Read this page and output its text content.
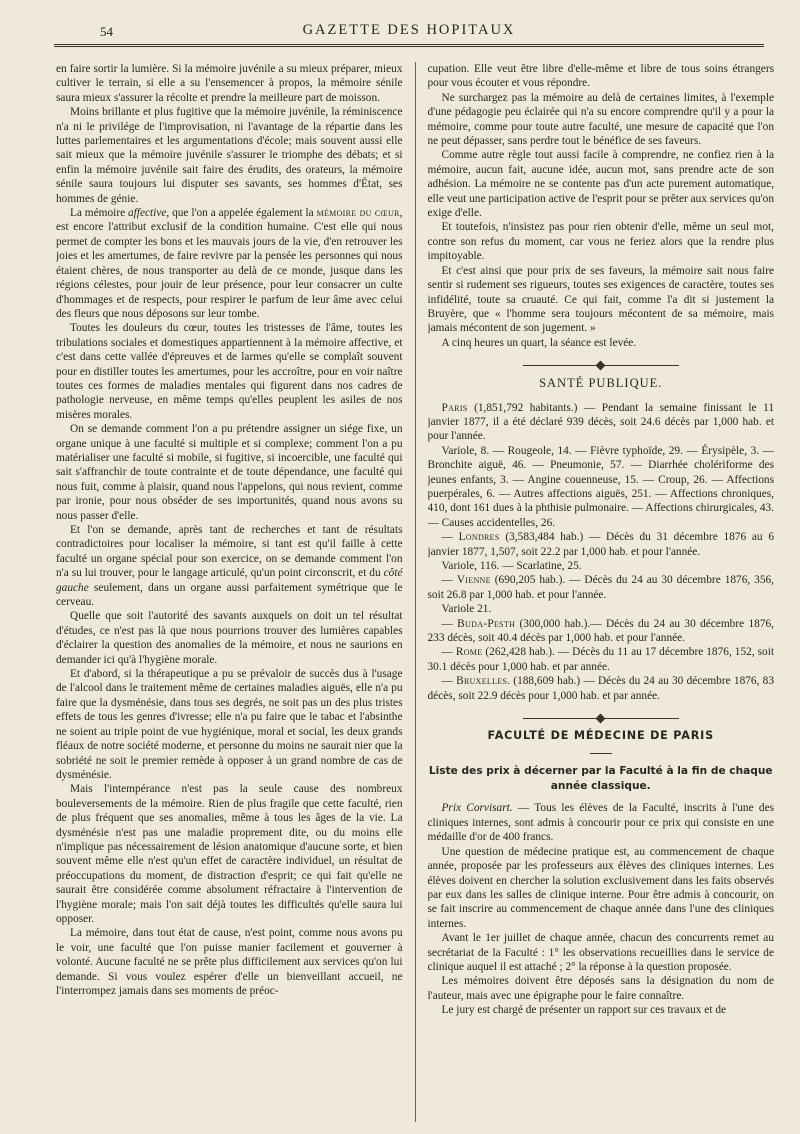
54	GAZETTE DES HOPITAUX

en faire sortir la lumière. Si la mémoire juvénile a su mieux préparer, mieux cultiver le terrain, si elle a su l'ensemencer à propos, la mémoire sénile saura mieux s'assurer la récolte et prendre la meilleure part de moisson.

Moins brillante et plus fugitive que la mémoire juvénile, la réminiscence n'a ni le privilége de l'improvisation, ni l'avantage de la répartie dans les luttes parlementaires et les argumentations d'école; mais souvent aussi elle sait mieux que la mémoire juvénile s'assurer le triomphe des débats; et si enfin la mémoire juvénile sait faire des érudits, des orateurs, la mémoire sénile saura toujours lui disputer ses savants, ses hommes d'État, ses hommes de génie.

La mémoire affective, que l'on a appelée également la mémoire du cœur, est encore l'attribut exclusif de la condition humaine. C'est elle qui nous permet de compter les bons et les mauvais jours de la vie, d'en retrouver les joies et les amertumes, de faire revivre par la pensée les personnes qui nous étaient chères, de nous transporter au delà de ce monde, jusque dans les régions célestes, pour jouir de leur présence, pour leur consacrer un culte d'hommages et de respects, pour respirer le parfum de leur âme avec celui des fleurs que nous déposons sur leur tombe.

Toutes les douleurs du cœur, toutes les tristesses de l'âme, toutes les tribulations sociales et domestiques appartiennent à la mémoire affective, et c'est dans cette vallée d'épreuves et de larmes qu'elle se complaît souvent pour en distiller toutes les amertumes, pour les accroître, pour en voir naître toutes ces formes de maladies mentales qui figurent dans nos cadres de pathologie nerveuse, en même temps qu'elles peuplent les asiles de nos misères morales.

On se demande comment l'on a pu prétendre assigner un siége fixe, un organe unique à une faculté si multiple et si complexe; comment l'on a pu matérialiser une faculté si mobile, si fugitive, si incoercible, une faculté qui sait s'affranchir de toute contrainte et de toute dépendance, une faculté qui nous fuit, comme à plaisir, quand nous l'appelons, qui nous revient, comme par ironie, pour nous obséder de ses importunités, quand nous avons su nous passer d'elle.

Et l'on se demande, après tant de recherches et tant de résultats contradictoires pour localiser la mémoire, si tant est qu'il faille à cette faculté un organe spécial pour son exercice, on se demande comment l'on n'a su lui trouver, pour le langage articulé, qu'un point circonscrit, et du côté gauche seulement, dans un organe aussi parfaitement symétrique que le cerveau.

Quelle que soit l'autorité des savants auxquels on doit un tel résultat d'études, ce n'est pas là que nous pourrions trouver des lumières capables d'éclairer la question des anomalies de la mémoire, et nous ne saurions en demander ici qu'à l'hygiène morale.

Et d'abord, si la thérapeutique a pu se prévaloir de succès dus à l'usage de l'alcool dans le traitement même de certaines maladies aiguës, elle n'a pu faire que la dysménésie, dans tous ses degrés, ne soit pas un des plus tristes effets de tous les genres d'ivresse; elle n'a pu faire que le tabac et l'absinthe ne soient au triple point de vue hygiénique, moral et social, les deux grands fléaux de notre société moderne, et personne du moins ne saurait nier que la sobriété ne soit le premier remède à opposer à un grand nombre de cas de dysménésie.

Mais l'intempérance n'est pas la seule cause des nombreux bouleversements de la mémoire. Rien de plus fragile que cette faculté, rien de plus fréquent que ses anomalies, même à tous les âges de la vie. La dysménésie n'est pas une maladie proprement dite, ou du moins elle n'implique pas nécessairement de lésion anatomique d'aucune sorte, et bien souvent même elle n'est qu'un effet de caractère individuel, un résultat de préoccupations du moment, de distraction d'esprit; ce qui fait qu'elle ne saurait être considérée comme absolument réfractaire à l'intervention de l'hygiène morale; mais l'on sait déjà toutes les difficultés qu'elle saura lui opposer.

La mémoire, dans tout état de cause, n'est point, comme nous avons pu le voir, une faculté que l'on puisse manier facilement et gouverner à volonté. Aucune faculté ne se prête plus difficilement aux services qu'on lui demande. Si vous voulez espérer d'elle un bienveillant accueil, ne l'interrompez jamais dans ses moments de préoc-

cupation. Elle veut être libre d'elle-même et libre de tous soins étrangers pour vous écouter et vous répondre.

Ne surchargez pas la mémoire au delà de certaines limites, à l'exemple d'une pédagogie peu éclairée qui n'a su encore comprendre qu'il y a pour la mémoire, comme pour toute autre faculté, une mesure de capacité que l'on ne peut dépasser, sans perdre tout le bénéfice de ses faveurs.

Comme autre règle tout aussi facile à comprendre, ne confiez rien à la mémoire, aucun fait, aucune idée, aucun mot, sans prendre acte de son adhésion. La mémoire ne se contente pas d'un acte purement automatique, elle veut une participation active de l'esprit pour se prêter aux services qu'on exige d'elle.

Et toutefois, n'insistez pas pour rien obtenir d'elle, même un seul mot, contre son refus du moment, car vous ne feriez alors que la rendre plus impitoyable.

Et c'est ainsi que pour prix de ses faveurs, la mémoire sait nous faire sentir si rudement ses rigueurs, toutes ses exigences de caractère, toutes ses infidélité, toute sa cruauté. Ce qui fait, comme l'a dit si justement la Bruyère, que « l'homme sera toujours mécontent de sa mémoire, mais jamais mécontent de son jugement. »

A cinq heures un quart, la séance est levée.

SANTÉ PUBLIQUE.

Paris (1,851,792 habitants.) — Pendant la semaine finissant le 11 janvier 1877, il a été déclaré 939 décès, soit 24.6 décès par 1,000 hab. et pour l'année.

Variole, 8. — Rougeole, 14. — Fièvre typhoïde, 29. — Érysipèle, 3. — Bronchite aiguë, 46. — Pneumonie, 57. — Diarrhée cholériforme des jeunes enfants, 3. — Angine couenneuse, 15. — Croup, 26. — Affections puerpérales, 6. — Autres affections aiguës, 251. — Affections chroniques, 410, dont 161 dues à la phthisie pulmonaire. — Affections chirurgicales, 43. — Causes accidentelles, 26.

— Londres (3,583,484 hab.) — Décès du 31 décembre 1876 au 6 janvier 1877, 1,507, soit 22.2 par 1,000 hab. et pour l'année.

Variole, 116. — Scarlatine, 25.

— Vienne (690,205 hab.). — Décès du 24 au 30 décembre 1876, 356, soit 26.8 par 1,000 hab. et pour l'année.

Variole 21.

— Buda-Pesth (300,000 hab.).— Décès du 24 au 30 décembre 1876, 233 décès, soit 40.4 décès par 1,000 hab. et pour l'année.

— Rome (262,428 hab.). — Décès du 11 au 17 décembre 1876, 152, soit 30.1 décès pour 1,000 hab. et par année.

— Bruxelles. (188,609 hab.) — Décès du 24 au 30 décembre 1876, 83 décès, soit 22.9 décès pour 1,000 hab. et par année.

FACULTÉ DE MÉDECINE DE PARIS
Liste des prix à décerner par la Faculté à la fin de chaque année classique.

Prix Corvisart. — Tous les élèves de la Faculté, inscrits à l'une des cliniques internes, sont admis à concourir pour ce prix qui consiste en une médaille d'or de 400 francs.

Une question de médecine pratique est, au commencement de chaque année, proposée par les professeurs aux élèves des cliniques internes. Les élèves doivent en chercher la solution exclusivement dans les faits observés par eux dans les salles de clinique interne. Pour être admis à concourir, on se fait inscrire au commencement de chaque année dans l'une des cliniques internes.

Avant le 1er juillet de chaque année, chacun des concurrents remet au secrétariat de la Faculté : 1° les observations recueillies dans le service de clinique auquel il est attaché ; 2° la réponse à la question proposée.

Les mémoires doivent être déposés sans la désignation du nom de l'auteur, mais avec une épigraphe pour le faire connaître.

Le jury est chargé de présenter un rapport sur ces travaux et de
